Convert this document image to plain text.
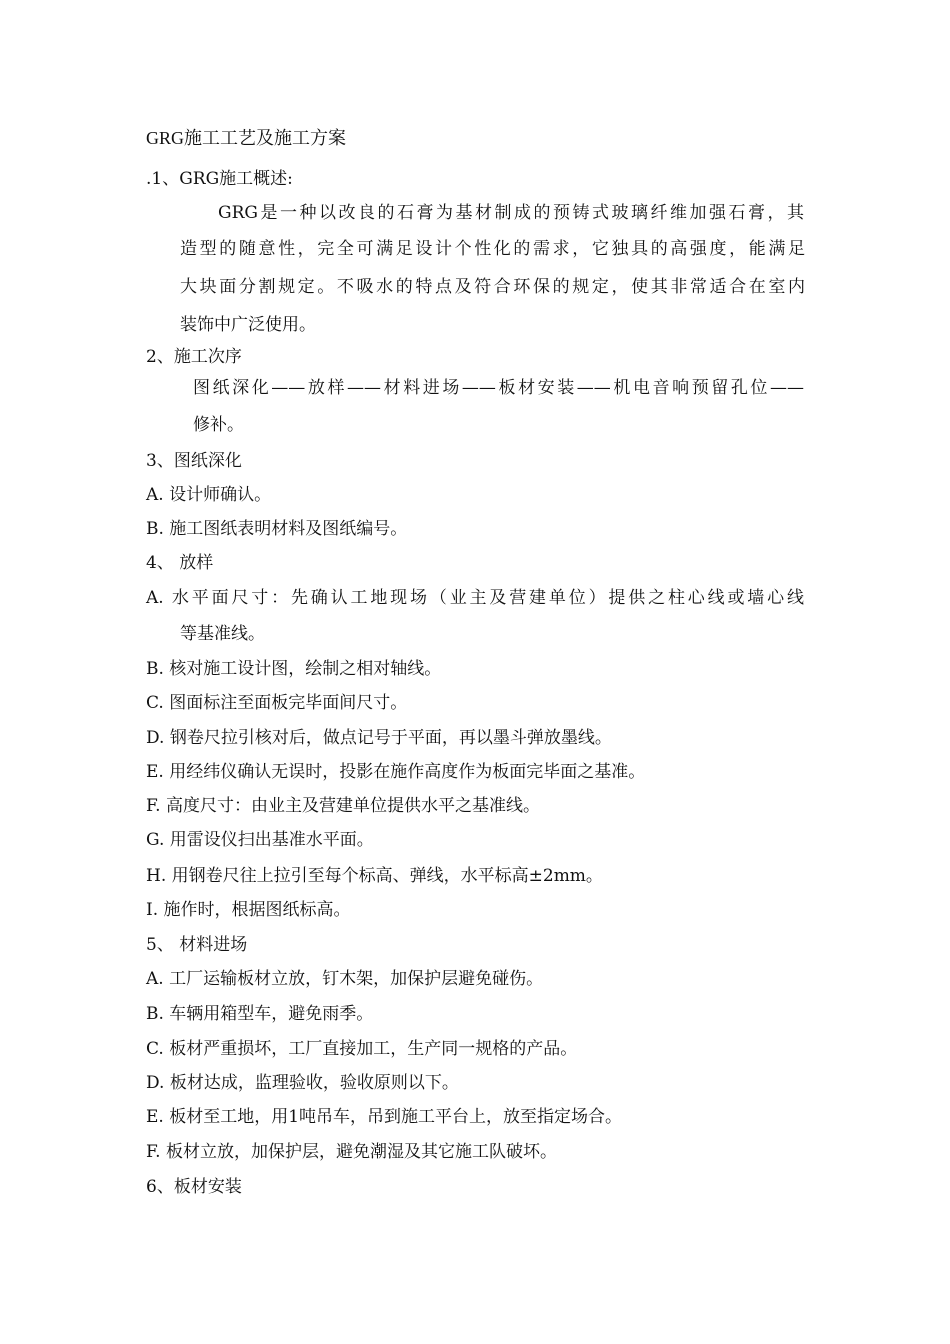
GRG施工工艺及施工方案
.1、GRG施工概述:
GRG是一种以改良的石膏为基材制成的预铸式玻璃纤维加强石膏，其
造型的随意性，完全可满足设计个性化的需求，它独具的高强度，能满足
大块面分割规定。不吸水的特点及符合环保的规定，使其非常适合在室内
装饰中广泛使用。
2、施工次序
图纸深化——放样——材料进场——板材安装——机电音响预留孔位——
修补。
3、图纸深化
A. 设计师确认。
B. 施工图纸表明材料及图纸编号。
4、 放样
A. 水平面尺寸：先确认工地现场（业主及营建单位）提供之柱心线或墙心线
等基准线。
B. 核对施工设计图，绘制之相对轴线。
C. 图面标注至面板完毕面间尺寸。
D. 钢卷尺拉引核对后，做点记号于平面，再以墨斗弹放墨线。
E. 用经纬仪确认无误时，投影在施作高度作为板面完毕面之基准。
F. 高度尺寸：由业主及营建单位提供水平之基准线。
G. 用雷设仪扫出基准水平面。
H. 用钢卷尺往上拉引至每个标高、弹线，水平标高±2mm。
I. 施作时，根据图纸标高。
5、 材料进场
A. 工厂运输板材立放，钉木架，加保护层避免碰伤。
B. 车辆用箱型车，避免雨季。
C. 板材严重损坏，工厂直接加工，生产同一规格的产品。
D. 板材达成，监理验收，验收原则以下。
E. 板材至工地，用1吨吊车，吊到施工平台上，放至指定场合。
F. 板材立放，加保护层，避免潮湿及其它施工队破坏。
6、板材安装
